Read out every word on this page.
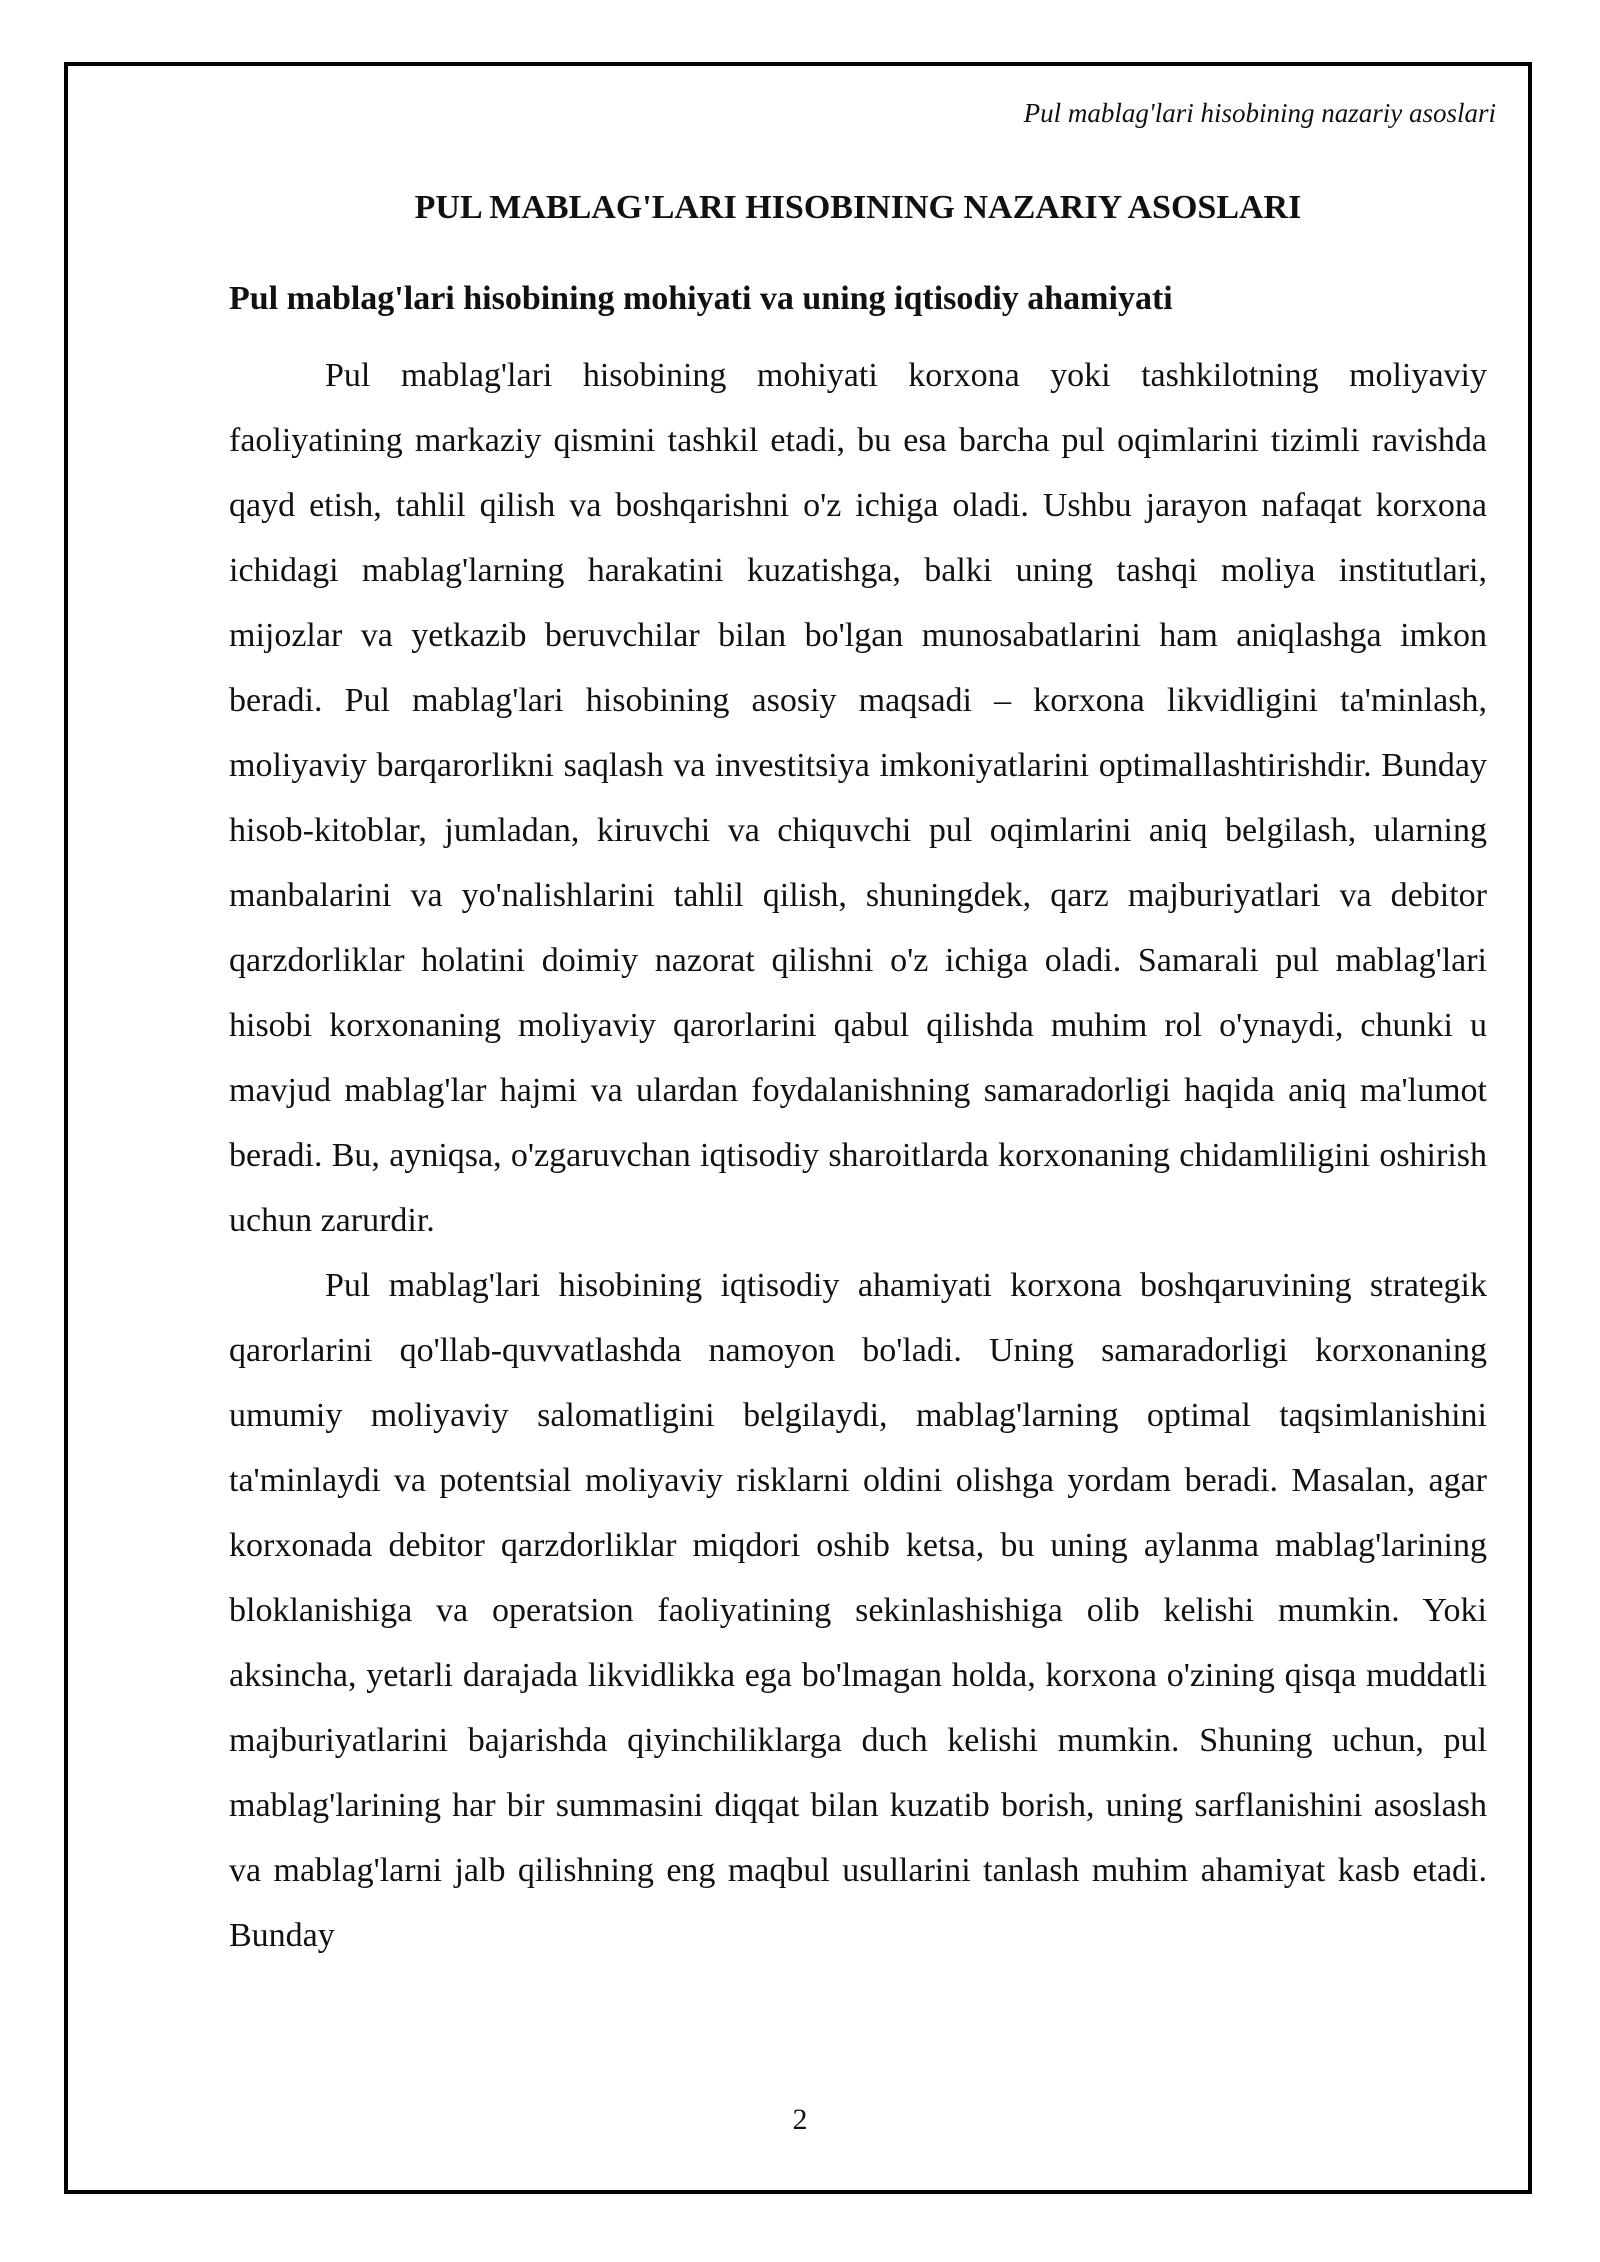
Pul mablag'lari hisobining nazariy asoslari
PUL MABLAG'LARI HISOBINING NAZARIY ASOSLARI
Pul mablag'lari hisobining mohiyati va uning iqtisodiy ahamiyati

Pul mablag'lari hisobining mohiyati korxona yoki tashkilotning moliyaviy faoliyatining markaziy qismini tashkil etadi, bu esa barcha pul oqimlarini tizimli ravishda qayd etish, tahlil qilish va boshqarishni o'z ichiga oladi. Ushbu jarayon nafaqat korxona ichidagi mablag'larning harakatini kuzatishga, balki uning tashqi moliya institutlari, mijozlar va yetkazib beruvchilar bilan bo'lgan munosabatlarini ham aniqlashga imkon beradi. Pul mablag'lari hisobining asosiy maqsadi – korxona likvidligini ta'minlash, moliyaviy barqarorlikni saqlash va investitsiya imkoniyatlarini optimallashtirishdir. Bunday hisob-kitoblar, jumladan, kiruvchi va chiquvchi pul oqimlarini aniq belgilash, ularning manbalarini va yo'nalishlarini tahlil qilish, shuningdek, qarz majburiyatlari va debitor qarzdorliklar holatini doimiy nazorat qilishni o'z ichiga oladi. Samarali pul mablag'lari hisobi korxonaning moliyaviy qarorlarini qabul qilishda muhim rol o'ynaydi, chunki u mavjud mablag'lar hajmi va ulardan foydalanishning samaradorligi haqida aniq ma'lumot beradi. Bu, ayniqsa, o'zgaruvchan iqtisodiy sharoitlarda korxonaning chidamliligini oshirish uchun zarurdir.

Pul mablag'lari hisobining iqtisodiy ahamiyati korxona boshqaruvining strategik qarorlarini qo'llab-quvvatlashda namoyon bo'ladi. Uning samaradorligi korxonaning umumiy moliyaviy salomatligini belgilaydi, mablag'larning optimal taqsimlanishini ta'minlaydi va potentsial moliyaviy risklarni oldini olishga yordam beradi. Masalan, agar korxonada debitor qarzdorliklar miqdori oshib ketsa, bu uning aylanma mablag'larining bloklanishiga va operatsion faoliyatining sekinlashishiga olib kelishi mumkin. Yoki aksincha, yetarli darajada likvidlikka ega bo'lmagan holda, korxona o'zining qisqa muddatli majburiyatlarini bajarishda qiyinchiliklarga duch kelishi mumkin. Shuning uchun, pul mablag'larining har bir summasini diqqat bilan kuzatib borish, uning sarflanishini asoslash va mablag'larni jalb qilishning eng maqbul usullarini tanlash muhim ahamiyat kasb etadi. Bunday

2
